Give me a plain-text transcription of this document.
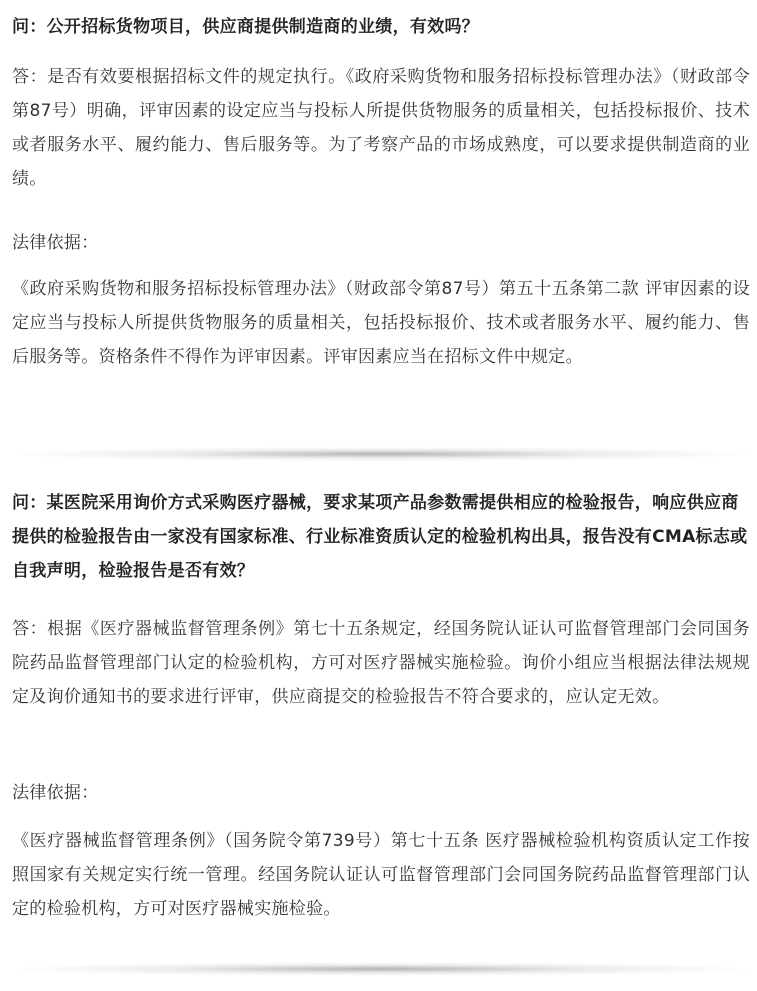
问：公开招标货物项目，供应商提供制造商的业绩，有效吗？

答：是否有效要根据招标文件的规定执行。《政府采购货物和服务招标投标管理办法》（财政部令第87号）明确，评审因素的设定应当与投标人所提供货物服务的质量相关，包括投标报价、技术或者服务水平、履约能力、售后服务等。为了考察产品的市场成熟度，可以要求提供制造商的业绩。

法律依据：

《政府采购货物和服务招标投标管理办法》（财政部令第87号）第五十五条第二款 评审因素的设定应当与投标人所提供货物服务的质量相关，包括投标报价、技术或者服务水平、履约能力、售后服务等。资格条件不得作为评审因素。评审因素应当在招标文件中规定。

问：某医院采用询价方式采购医疗器械，要求某项产品参数需提供相应的检验报告，响应供应商提供的检验报告由一家没有国家标准、行业标准资质认定的检验机构出具，报告没有CMA标志或自我声明，检验报告是否有效？

答：根据《医疗器械监督管理条例》第七十五条规定，经国务院认证认可监督管理部门会同国务院药品监督管理部门认定的检验机构，方可对医疗器械实施检验。询价小组应当根据法律法规规定及询价通知书的要求进行评审，供应商提交的检验报告不符合要求的，应认定无效。

法律依据：

《医疗器械监督管理条例》（国务院令第739号）第七十五条 医疗器械检验机构资质认定工作按照国家有关规定实行统一管理。经国务院认证认可监督管理部门会同国务院药品监督管理部门认定的检验机构，方可对医疗器械实施检验。
